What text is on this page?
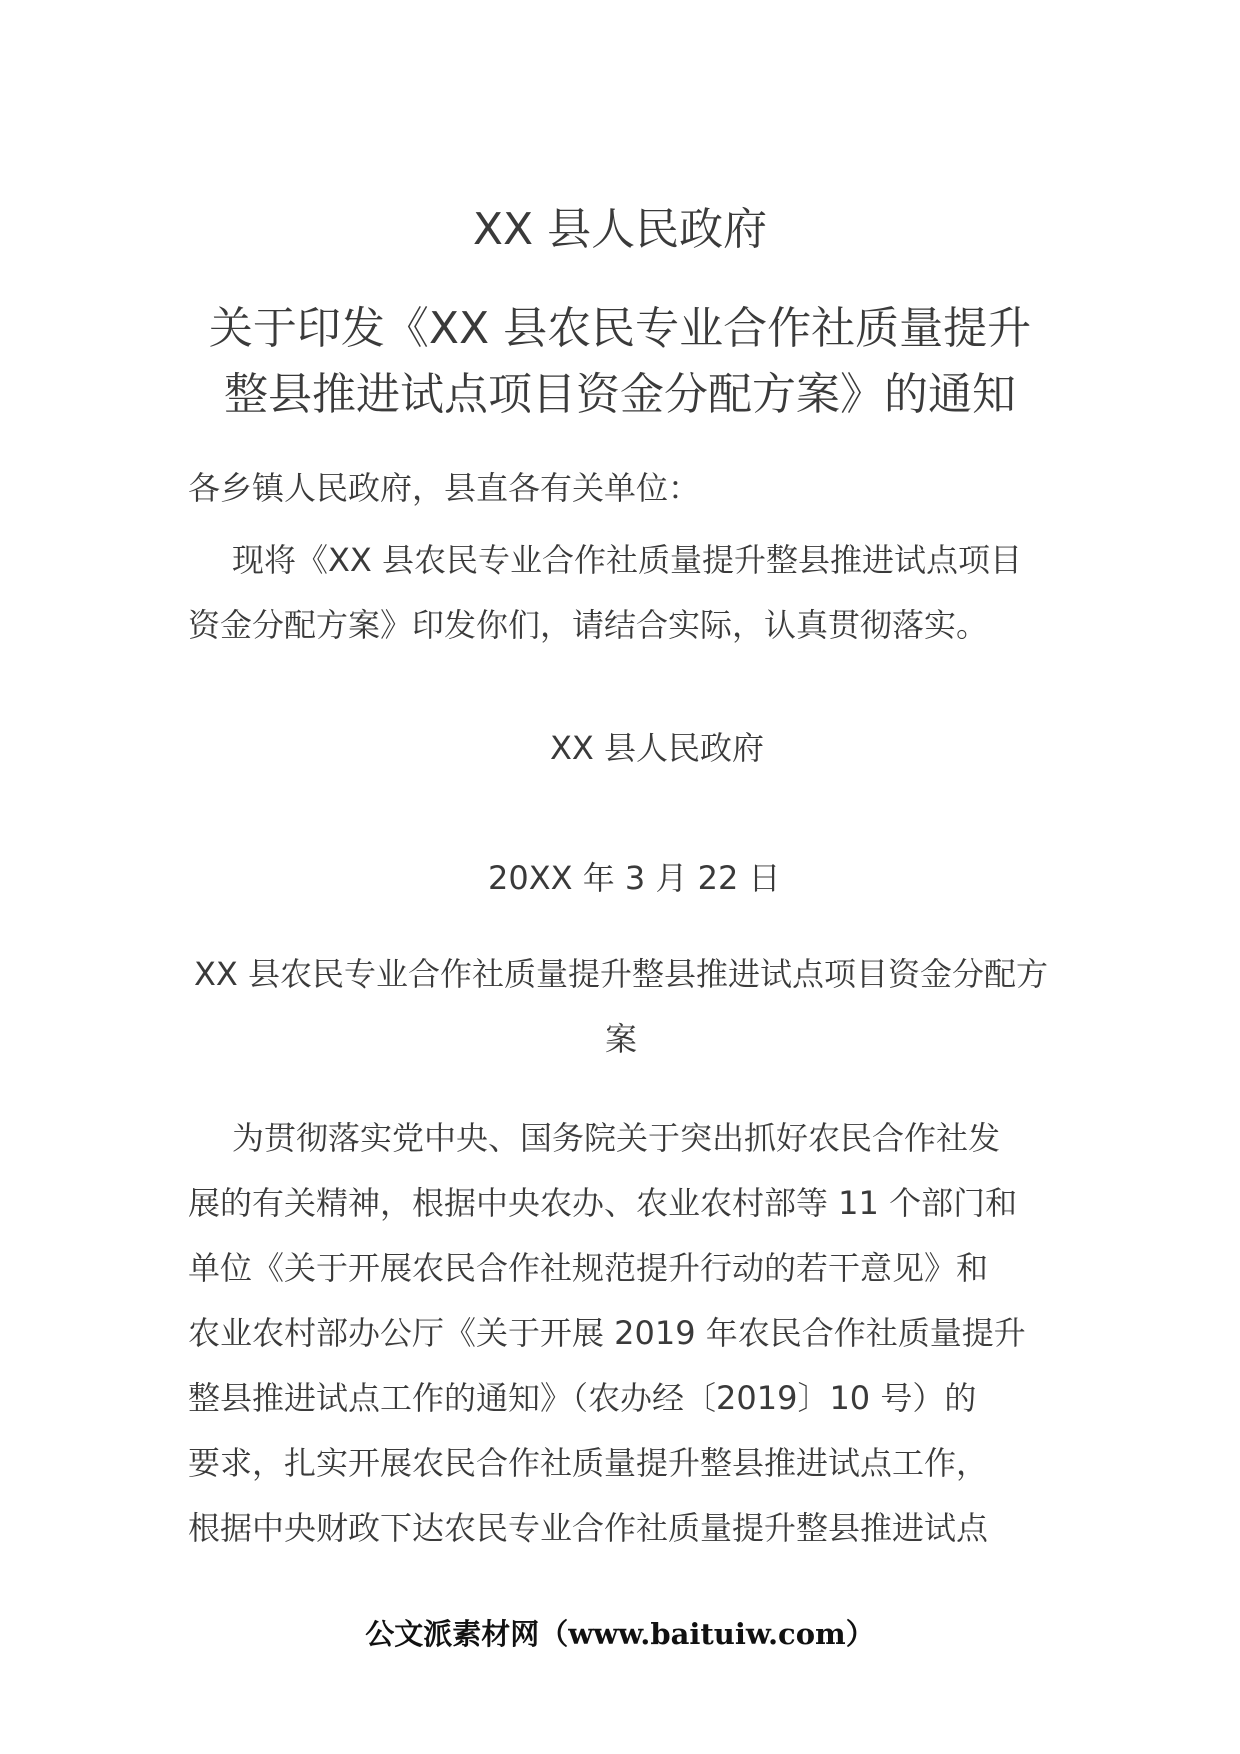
XX 县人民政府
关于印发《XX 县农民专业合作社质量提升
整县推进试点项目资金分配方案》的通知
各乡镇人民政府，县直各有关单位：
现将《XX 县农民专业合作社质量提升整县推进试点项目
资金分配方案》印发你们，请结合实际，认真贯彻落实。
XX 县人民政府
20XX 年 3 月 22 日
XX 县农民专业合作社质量提升整县推进试点项目资金分配方
案
为贯彻落实党中央、国务院关于突出抓好农民合作社发
展的有关精神，根据中央农办、农业农村部等 11 个部门和
单位《关于开展农民合作社规范提升行动的若干意见》和
农业农村部办公厅《关于开展 2019 年农民合作社质量提升
整县推进试点工作的通知》（农办经〔2019〕10 号）的
要求，扎实开展农民合作社质量提升整县推进试点工作，
根据中央财政下达农民专业合作社质量提升整县推进试点
公文派素材网（www.baituiw.com）
